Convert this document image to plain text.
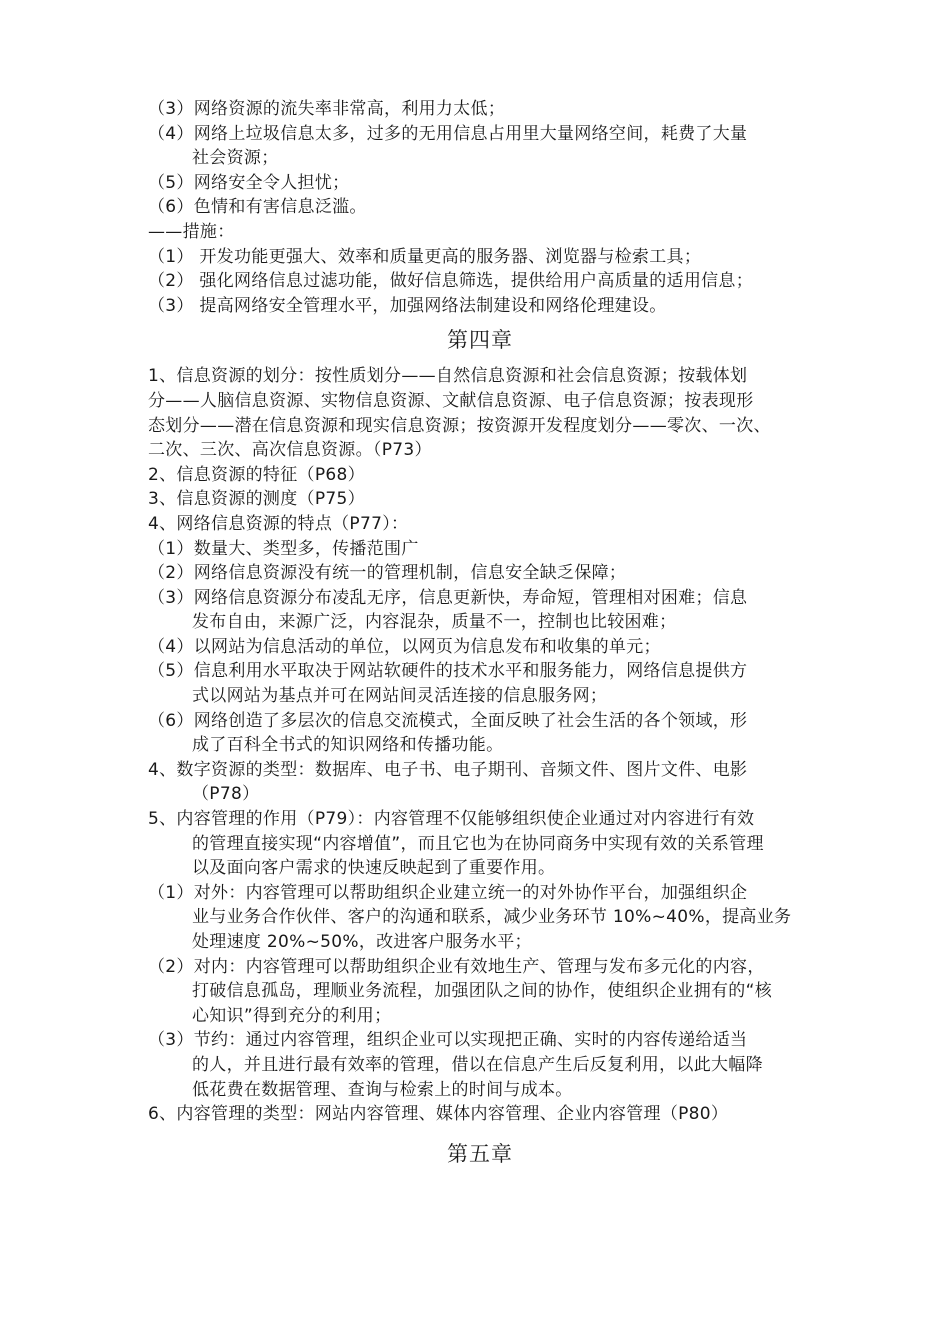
（3）网络资源的流失率非常高，利用力太低；
（4）网络上垃圾信息太多，过多的无用信息占用里大量网络空间，耗费了大量
社会资源；
（5）网络安全令人担忧；
（6）色情和有害信息泛滥。
——措施：
（1） 开发功能更强大、效率和质量更高的服务器、浏览器与检索工具；
（2） 强化网络信息过滤功能，做好信息筛选，提供给用户高质量的适用信息；
（3） 提高网络安全管理水平，加强网络法制建设和网络伦理建设。
第四章
1、信息资源的划分：按性质划分——自然信息资源和社会信息资源；按载体划
分——人脑信息资源、实物信息资源、文献信息资源、电子信息资源；按表现形
态划分——潜在信息资源和现实信息资源；按资源开发程度划分——零次、一次、
二次、三次、高次信息资源。（P73）
2、信息资源的特征（P68）
3、信息资源的测度（P75）
4、网络信息资源的特点（P77）：
（1）数量大、类型多，传播范围广
（2）网络信息资源没有统一的管理机制，信息安全缺乏保障；
（3）网络信息资源分布凌乱无序，信息更新快，寿命短，管理相对困难；信息
发布自由，来源广泛，内容混杂，质量不一，控制也比较困难；
（4）以网站为信息活动的单位，以网页为信息发布和收集的单元；
（5）信息利用水平取决于网站软硬件的技术水平和服务能力，网络信息提供方
式以网站为基点并可在网站间灵活连接的信息服务网；
（6）网络创造了多层次的信息交流模式，全面反映了社会生活的各个领域，形
成了百科全书式的知识网络和传播功能。
4、数字资源的类型：数据库、电子书、电子期刊、音频文件、图片文件、电影
（P78）
5、内容管理的作用（P79）：内容管理不仅能够组织使企业通过对内容进行有效
的管理直接实现“内容增值”，而且它也为在协同商务中实现有效的关系管理
以及面向客户需求的快速反映起到了重要作用。
（1）对外：内容管理可以帮助组织企业建立统一的对外协作平台，加强组织企
业与业务合作伙伴、客户的沟通和联系，减少业务环节 10%~40%，提高业务
处理速度 20%~50%，改进客户服务水平；
（2）对内：内容管理可以帮助组织企业有效地生产、管理与发布多元化的内容，
打破信息孤岛，理顺业务流程，加强团队之间的协作，使组织企业拥有的“核
心知识”得到充分的利用；
（3）节约：通过内容管理，组织企业可以实现把正确、实时的内容传递给适当
的人，并且进行最有效率的管理，借以在信息产生后反复利用，以此大幅降
低花费在数据管理、查询与检索上的时间与成本。
6、内容管理的类型：网站内容管理、媒体内容管理、企业内容管理（P80）
第五章
